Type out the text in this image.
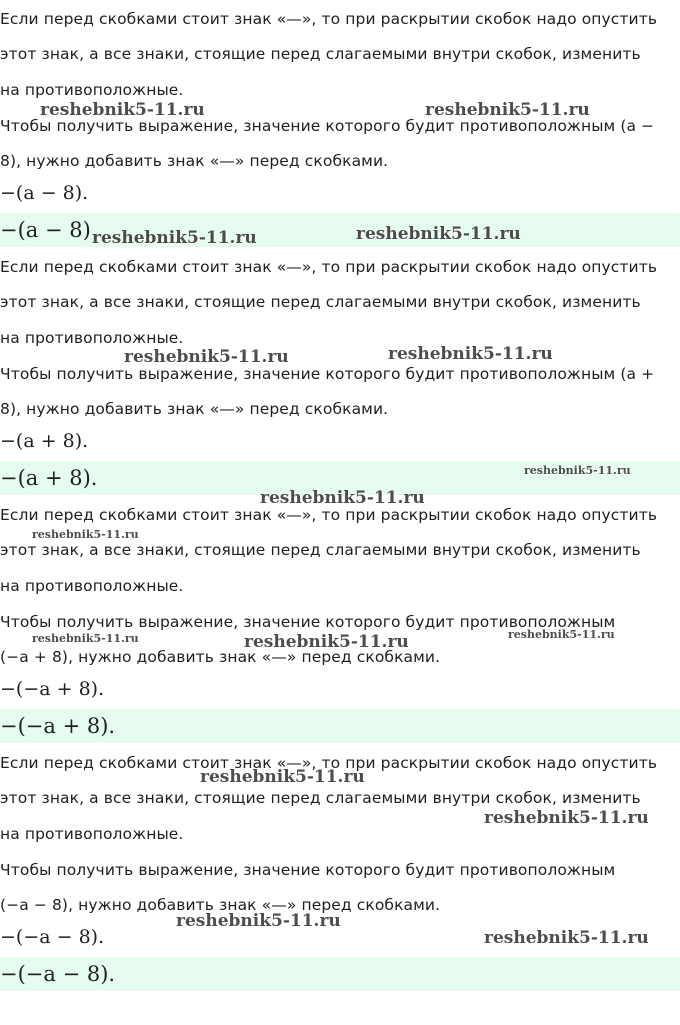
Если перед скобками стоит знак «—», то при раскрытии скобок надо опустить

этот знак, а все знаки, стоящие перед слагаемыми внутри скобок, изменить

на противоположные.

Чтобы получить выражение, значение которого будит противоположным (a −

8), нужно добавить знак «—» перед скобками.

−(a − 8).

−(a − 8)

Если перед скобками стоит знак «—», то при раскрытии скобок надо опустить

этот знак, а все знаки, стоящие перед слагаемыми внутри скобок, изменить

на противоположные.

Чтобы получить выражение, значение которого будит противоположным (a +

8), нужно добавить знак «—» перед скобками.

−(a + 8).

−(a + 8).

Если перед скобками стоит знак «—», то при раскрытии скобок надо опустить

этот знак, а все знаки, стоящие перед слагаемыми внутри скобок, изменить

на противоположные.

Чтобы получить выражение, значение которого будит противоположным

(−a + 8), нужно добавить знак «—» перед скобками.

−(−a + 8).

−(−a + 8).

Если перед скобками стоит знак «—», то при раскрытии скобок надо опустить

этот знак, а все знаки, стоящие перед слагаемыми внутри скобок, изменить

на противоположные.

Чтобы получить выражение, значение которого будит противоположным

(−a − 8), нужно добавить знак «—» перед скобками.

−(−a − 8).

−(−a − 8).

reshebnik5-11.ru	reshebnik5-11.ru
reshebnik5-11.ru	reshebnik5-11.ru
reshebnik5-11.ru	reshebnik5-11.ru
reshebnik5-11.ru
reshebnik5-11.ru
reshebnik5-11.ru
reshebnik5-11.ru	reshebnik5-11.ru	reshebnik5-11.ru
reshebnik5-11.ru
reshebnik5-11.ru
reshebnik5-11.ru
reshebnik5-11.ru
